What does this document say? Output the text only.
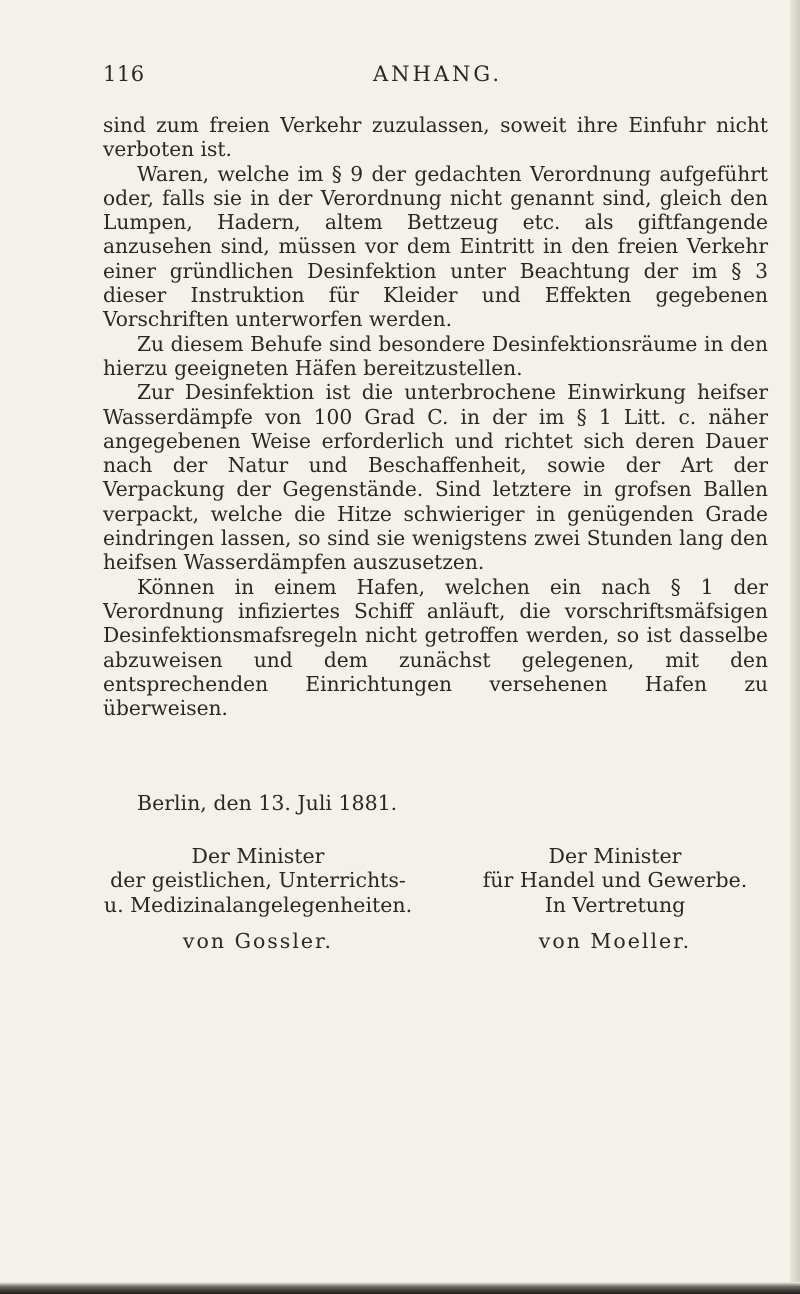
116	ANHANG.

sind zum freien Verkehr zuzulassen, soweit ihre Einfuhr nicht verboten ist.

Waren, welche im § 9 der gedachten Verordnung aufgeführt oder, falls sie in der Verordnung nicht genannt sind, gleich den Lumpen, Hadern, altem Bettzeug etc. als giftfangende anzusehen sind, müssen vor dem Eintritt in den freien Verkehr einer gründlichen Desinfektion unter Beachtung der im § 3 dieser Instruktion für Kleider und Effekten gegebenen Vorschriften unterworfen werden.

Zu diesem Behufe sind besondere Desinfektionsräume in den hierzu geeigneten Häfen bereitzustellen.

Zur Desinfektion ist die unterbrochene Einwirkung heifser Wasserdämpfe von 100 Grad C. in der im § 1 Litt. c. näher angegebenen Weise erforderlich und richtet sich deren Dauer nach der Natur und Beschaffenheit, sowie der Art der Verpackung der Gegenstände. Sind letztere in grofsen Ballen verpackt, welche die Hitze schwieriger in genügenden Grade eindringen lassen, so sind sie wenigstens zwei Stunden lang den heifsen Wasserdämpfen auszusetzen.

Können in einem Hafen, welchen ein nach § 1 der Verordnung infiziertes Schiff anläuft, die vorschriftsmäfsigen Desinfektionsmafsregeln nicht getroffen werden, so ist dasselbe abzuweisen und dem zunächst gelegenen, mit den entsprechenden Einrichtungen versehenen Hafen zu überweisen.

Berlin, den 13. Juli 1881.
Der Minister
der geistlichen, Unterrichts-
u. Medizinalangelegenheiten.
von Gossler.
Der Minister
für Handel und Gewerbe.
In Vertretung
von Moeller.
